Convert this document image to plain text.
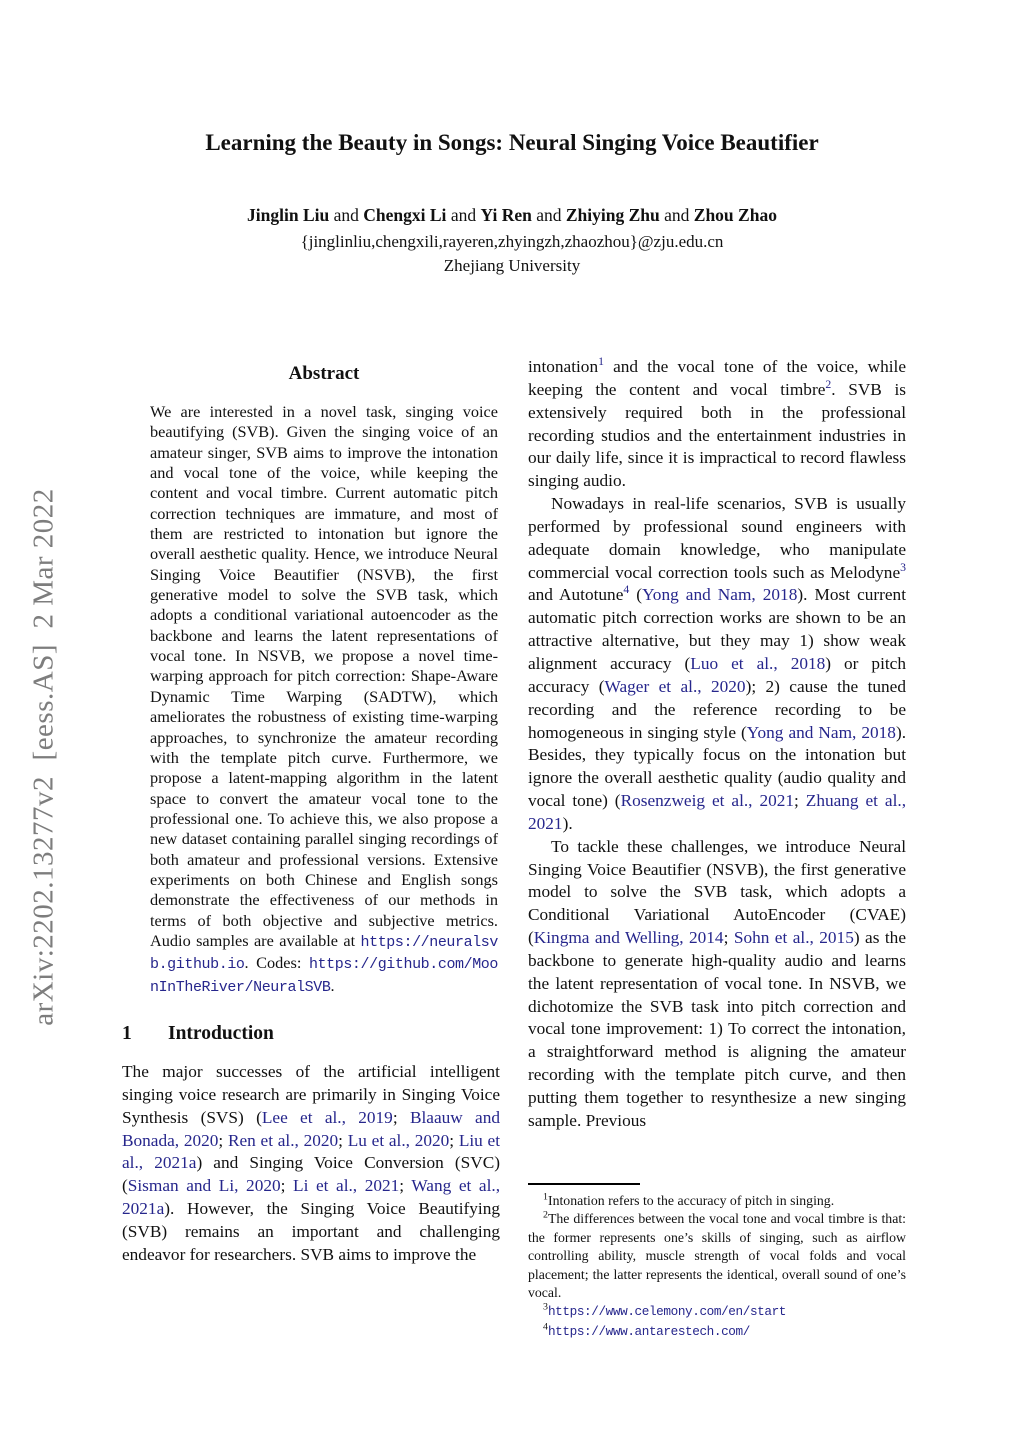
arXiv:2202.13277v2  [eess.AS]  2 Mar 2022
Learning the Beauty in Songs: Neural Singing Voice Beautifier
Jinglin Liu and Chengxi Li and Yi Ren and Zhiying Zhu and Zhou Zhao
{jinglinliu,chengxili,rayeren,zhyingzh,zhaozhou}@zju.edu.cn
Zhejiang University
Abstract

We are interested in a novel task, singing voice beautifying (SVB). Given the singing voice of an amateur singer, SVB aims to improve the intonation and vocal tone of the voice, while keeping the content and vocal timbre. Current automatic pitch correction techniques are immature, and most of them are restricted to intonation but ignore the overall aesthetic quality. Hence, we introduce Neural Singing Voice Beautifier (NSVB), the first generative model to solve the SVB task, which adopts a conditional variational autoencoder as the backbone and learns the latent representations of vocal tone. In NSVB, we propose a novel time-warping approach for pitch correction: Shape-Aware Dynamic Time Warping (SADTW), which ameliorates the robustness of existing time-warping approaches, to synchronize the amateur recording with the template pitch curve. Furthermore, we propose a latent-mapping algorithm in the latent space to convert the amateur vocal tone to the professional one. To achieve this, we also propose a new dataset containing parallel singing recordings of both amateur and professional versions. Extensive experiments on both Chinese and English songs demonstrate the effectiveness of our methods in terms of both objective and subjective metrics. Audio samples are available at https://neuralsvb.github.io. Codes: https://github.com/MoonInTheRiver/NeuralSVB.

1 Introduction

The major successes of the artificial intelligent singing voice research are primarily in Singing Voice Synthesis (SVS) (Lee et al., 2019; Blaauw and Bonada, 2020; Ren et al., 2020; Lu et al., 2020; Liu et al., 2021a) and Singing Voice Conversion (SVC) (Sisman and Li, 2020; Li et al., 2021; Wang et al., 2021a). However, the Singing Voice Beautifying (SVB) remains an important and challenging endeavor for researchers. SVB aims to improve the

intonation$^1$ and the vocal tone of the voice, while keeping the content and vocal timbre$^2$. SVB is extensively required both in the professional recording studios and the entertainment industries in our daily life, since it is impractical to record flawless singing audio.

Nowadays in real-life scenarios, SVB is usually performed by professional sound engineers with adequate domain knowledge, who manipulate commercial vocal correction tools such as Melodyne$^3$ and Autotune$^4$ (Yong and Nam, 2018). Most current automatic pitch correction works are shown to be an attractive alternative, but they may 1) show weak alignment accuracy (Luo et al., 2018) or pitch accuracy (Wager et al., 2020); 2) cause the tuned recording and the reference recording to be homogeneous in singing style (Yong and Nam, 2018). Besides, they typically focus on the intonation but ignore the overall aesthetic quality (audio quality and vocal tone) (Rosenzweig et al., 2021; Zhuang et al., 2021).

To tackle these challenges, we introduce Neural Singing Voice Beautifier (NSVB), the first generative model to solve the SVB task, which adopts a Conditional Variational AutoEncoder (CVAE) (Kingma and Welling, 2014; Sohn et al., 2015) as the backbone to generate high-quality audio and learns the latent representation of vocal tone. In NSVB, we dichotomize the SVB task into pitch correction and vocal tone improvement: 1) To correct the intonation, a straightforward method is aligning the amateur recording with the template pitch curve, and then putting them together to resynthesize a new singing sample. Previous

$^1$Intonation refers to the accuracy of pitch in singing.

$^2$The differences between the vocal tone and vocal timbre is that: the former represents one’s skills of singing, such as airflow controlling ability, muscle strength of vocal folds and vocal placement; the latter represents the identical, overall sound of one’s vocal.

$^3$https://www.celemony.com/en/start

$^4$https://www.antarestech.com/
